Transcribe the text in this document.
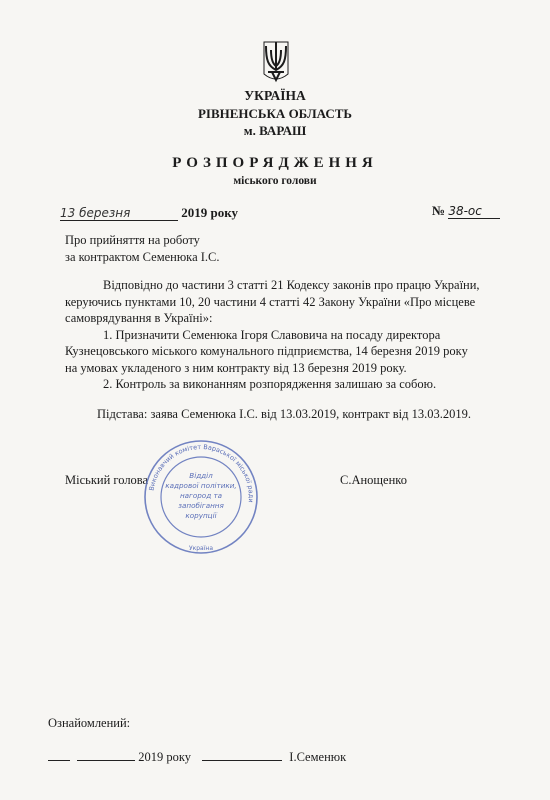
УКРАЇНА
РІВНЕНСЬКА ОБЛАСТЬ
м. ВАРАШ
РОЗПОРЯДЖЕННЯ
міського голови
13 березня	2019 року	№ 38-ос
Про прийняття на роботу
за контрактом Семенюка І.С.

Відповідно до частини 3 статті 21 Кодексу законів про працю України,

керуючись пунктами 10, 20 частини 4 статті 42 Закону України «Про місцеве

самоврядування в Україні»:

1. Призначити Семенюка Ігоря Славовича на посаду директора

Кузнецовського міського комунального підприємства, 14 березня 2019 року

на умовах укладеного з ним контракту від 13 березня 2019 року.

2. Контроль за виконанням розпорядження залишаю за собою.

Підстава: заява Семенюка І.С. від 13.03.2019, контракт від 13.03.2019.
Міський голова	С.Анощенко
Виконавчий комітет Вараської міської ради
Україна
Відділ
кадрової політики,
нагород та
запобігання
корупції
Ознайомлений:
2019 року	І.Семенюк
